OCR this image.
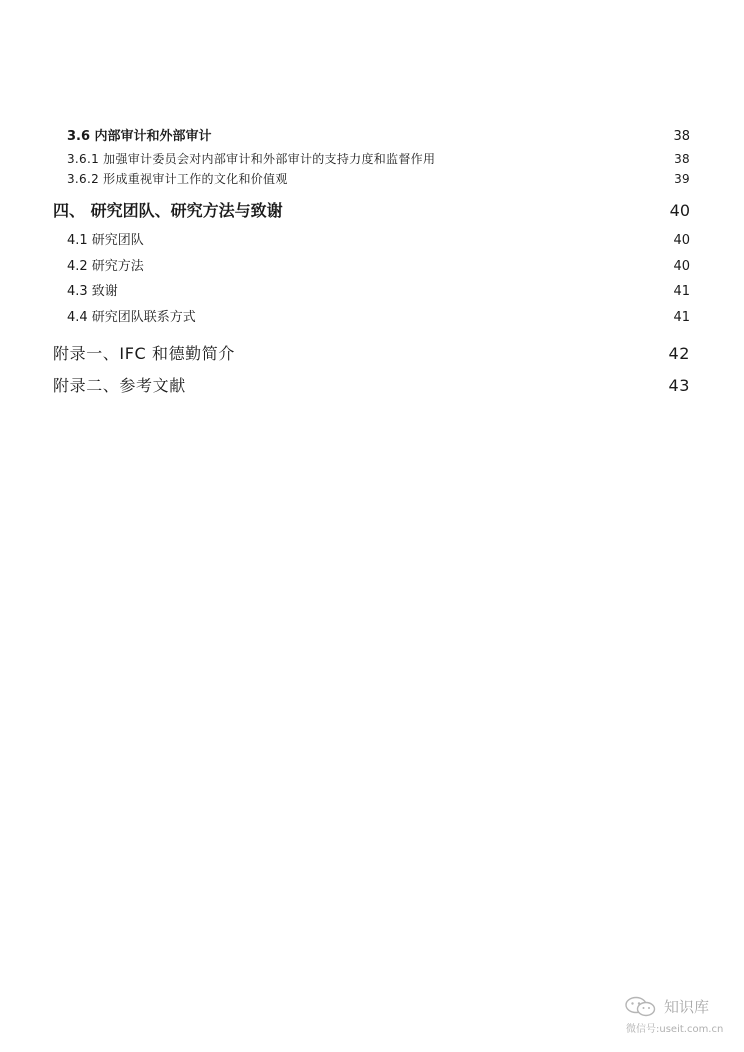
3.6 内部审计和外部审计	38
3.6.1 加强审计委员会对内部审计和外部审计的支持力度和监督作用	38
3.6.2 形成重视审计工作的文化和价值观	39
四、 研究团队、研究方法与致谢	40
4.1 研究团队	40
4.2 研究方法	40
4.3 致谢	41
4.4 研究团队联系方式	41
附录一、IFC 和德勤简介	42
附录二、参考文献	43
知识库
微信号:useit.com.cn
